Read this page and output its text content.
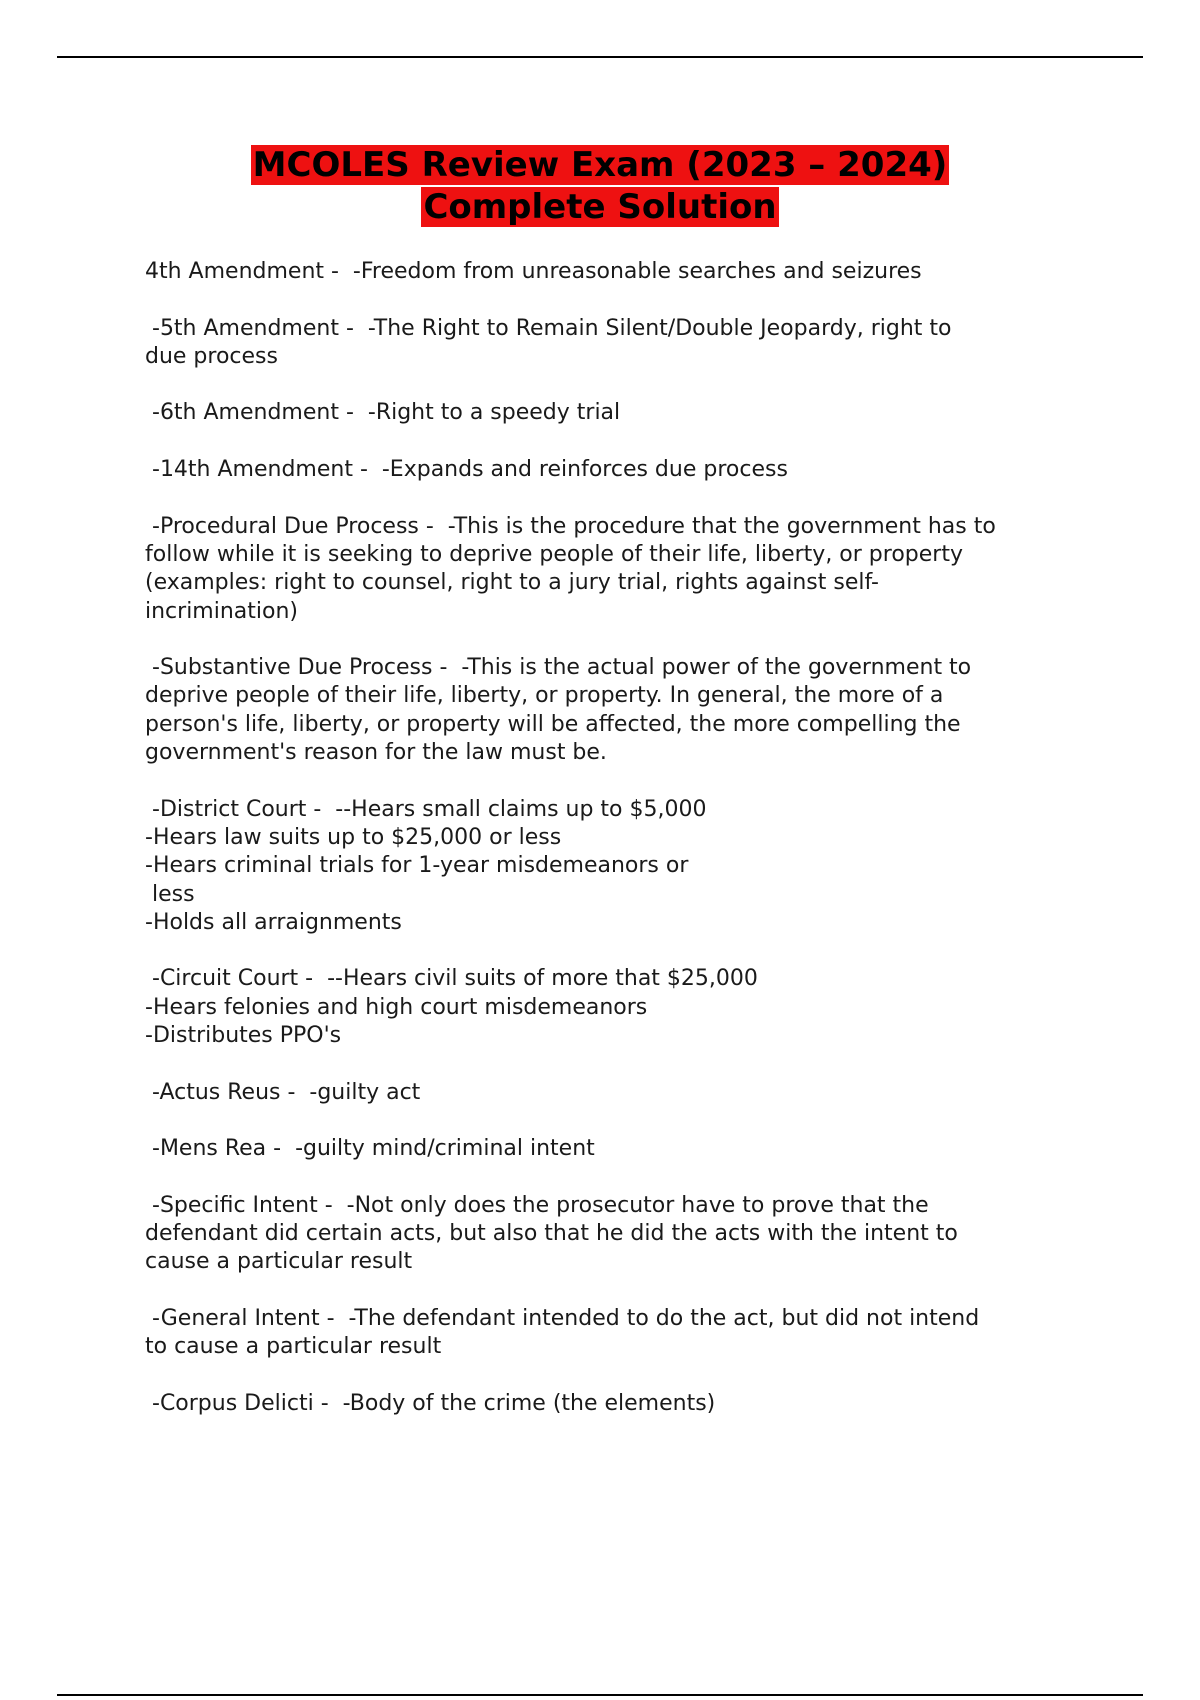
MCOLES Review Exam (2023 – 2024)
Complete Solution
4th Amendment -  -Freedom from unreasonable searches and seizures
-5th Amendment -  -The Right to Remain Silent/Double Jeopardy, right to
due process
-6th Amendment -  -Right to a speedy trial
-14th Amendment -  -Expands and reinforces due process
-Procedural Due Process -  -This is the procedure that the government has to
follow while it is seeking to deprive people of their life, liberty, or property
(examples: right to counsel, right to a jury trial, rights against self-
incrimination)
-Substantive Due Process -  -This is the actual power of the government to
deprive people of their life, liberty, or property. In general, the more of a
person's life, liberty, or property will be affected, the more compelling the
government's reason for the law must be.
-District Court -  --Hears small claims up to $5,000
-Hears law suits up to $25,000 or less
-Hears criminal trials for 1-year misdemeanors or
less
-Holds all arraignments
-Circuit Court -  --Hears civil suits of more that $25,000
-Hears felonies and high court misdemeanors
-Distributes PPO's
-Actus Reus -  -guilty act
-Mens Rea -  -guilty mind/criminal intent
-Specific Intent -  -Not only does the prosecutor have to prove that the
defendant did certain acts, but also that he did the acts with the intent to
cause a particular result
-General Intent -  -The defendant intended to do the act, but did not intend
to cause a particular result
-Corpus Delicti -  -Body of the crime (the elements)
